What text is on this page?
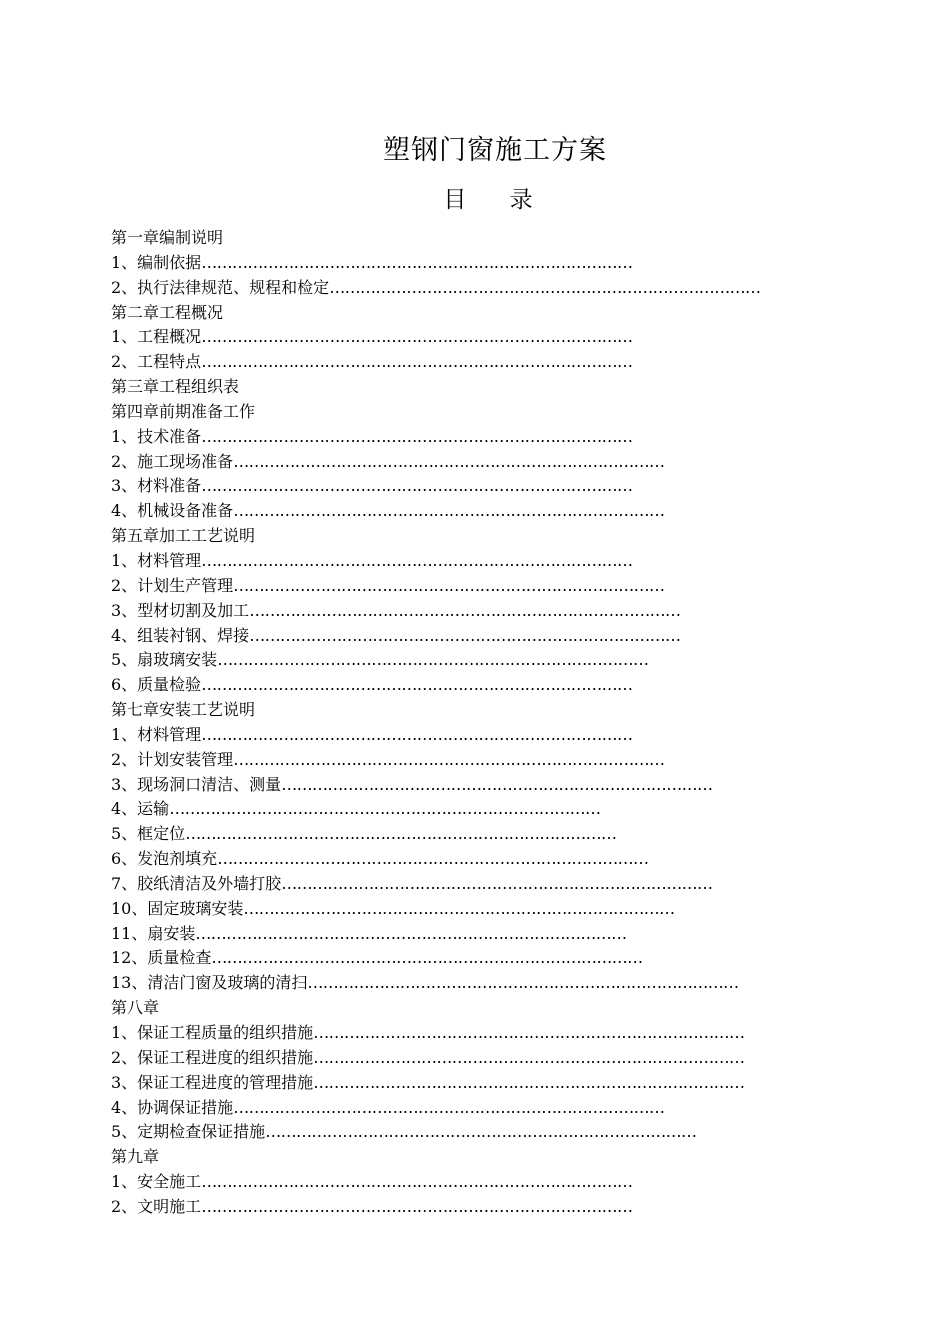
塑钢门窗施工方案
目 录
第一章编制说明
1、编制依据…………………………………………………………………………
2、执行法律规范、规程和检定…………………………………………………………………………
第二章工程概况
1、工程概况…………………………………………………………………………
2、工程特点…………………………………………………………………………
第三章工程组织表
第四章前期准备工作
1、技术准备…………………………………………………………………………
2、施工现场准备…………………………………………………………………………
3、材料准备…………………………………………………………………………
4、机械设备准备…………………………………………………………………………
第五章加工工艺说明
1、材料管理…………………………………………………………………………
2、计划生产管理…………………………………………………………………………
3、型材切割及加工…………………………………………………………………………
4、组装衬钢、焊接…………………………………………………………………………
5、扇玻璃安装…………………………………………………………………………
6、质量检验…………………………………………………………………………
第七章安装工艺说明
1、材料管理…………………………………………………………………………
2、计划安装管理…………………………………………………………………………
3、现场洞口清洁、测量…………………………………………………………………………
4、运输…………………………………………………………………………
5、框定位…………………………………………………………………………
6、发泡剂填充…………………………………………………………………………
7、胶纸清洁及外墙打胶…………………………………………………………………………
10、固定玻璃安装…………………………………………………………………………
11、扇安装…………………………………………………………………………
12、质量检查…………………………………………………………………………
13、清洁门窗及玻璃的清扫…………………………………………………………………………
第八章
1、保证工程质量的组织措施…………………………………………………………………………
2、保证工程进度的组织措施…………………………………………………………………………
3、保证工程进度的管理措施…………………………………………………………………………
4、协调保证措施…………………………………………………………………………
5、定期检查保证措施…………………………………………………………………………
第九章
1、安全施工…………………………………………………………………………
2、文明施工…………………………………………………………………………
